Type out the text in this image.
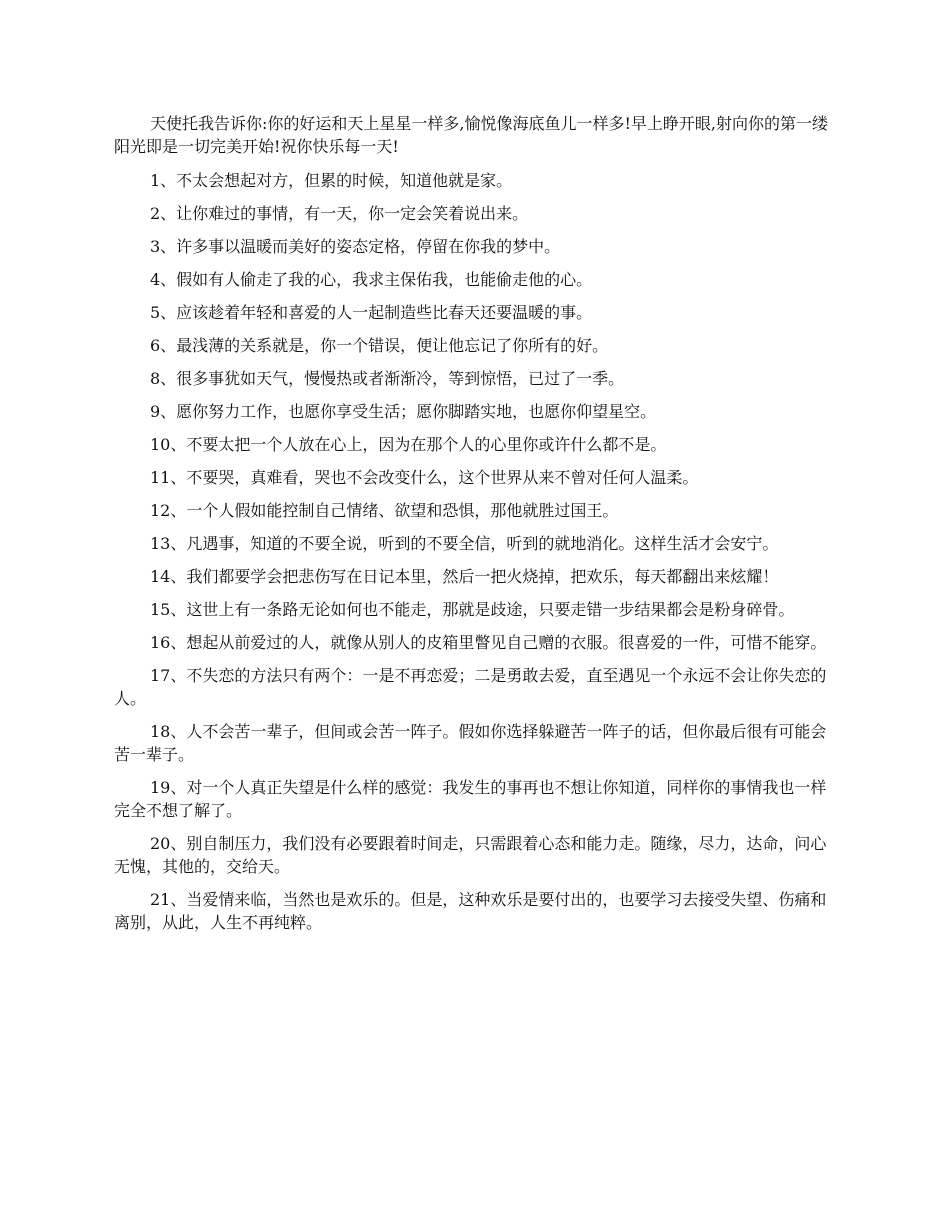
天使托我告诉你:你的好运和天上星星一样多,愉悦像海底鱼儿一样多!早上睁开眼,射向你的第一缕阳光即是一切完美开始!祝你快乐每一天!

1、不太会想起对方，但累的时候，知道他就是家。

2、让你难过的事情，有一天，你一定会笑着说出来。

3、许多事以温暖而美好的姿态定格，停留在你我的梦中。

4、假如有人偷走了我的心，我求主保佑我，也能偷走他的心。

5、应该趁着年轻和喜爱的人一起制造些比春天还要温暖的事。

6、最浅薄的关系就是，你一个错误，便让他忘记了你所有的好。

8、很多事犹如天气，慢慢热或者渐渐冷，等到惊悟，已过了一季。

9、愿你努力工作，也愿你享受生活；愿你脚踏实地，也愿你仰望星空。

10、不要太把一个人放在心上，因为在那个人的心里你或许什么都不是。

11、不要哭，真难看，哭也不会改变什么，这个世界从来不曾对任何人温柔。

12、一个人假如能控制自己情绪、欲望和恐惧，那他就胜过国王。

13、凡遇事，知道的不要全说，听到的不要全信，听到的就地消化。这样生活才会安宁。

14、我们都要学会把悲伤写在日记本里，然后一把火烧掉，把欢乐，每天都翻出来炫耀！

15、这世上有一条路无论如何也不能走，那就是歧途，只要走错一步结果都会是粉身碎骨。

16、想起从前爱过的人，就像从别人的皮箱里瞥见自己赠的衣服。很喜爱的一件，可惜不能穿。

17、不失恋的方法只有两个：一是不再恋爱；二是勇敢去爱，直至遇见一个永远不会让你失恋的人。

18、人不会苦一辈子，但间或会苦一阵子。假如你选择躲避苦一阵子的话，但你最后很有可能会苦一辈子。

19、对一个人真正失望是什么样的感觉：我发生的事再也不想让你知道，同样你的事情我也一样完全不想了解了。

20、别自制压力，我们没有必要跟着时间走，只需跟着心态和能力走。随缘，尽力，达命，问心无愧，其他的，交给天。

21、当爱情来临，当然也是欢乐的。但是，这种欢乐是要付出的，也要学习去接受失望、伤痛和离别，从此，人生不再纯粹。
